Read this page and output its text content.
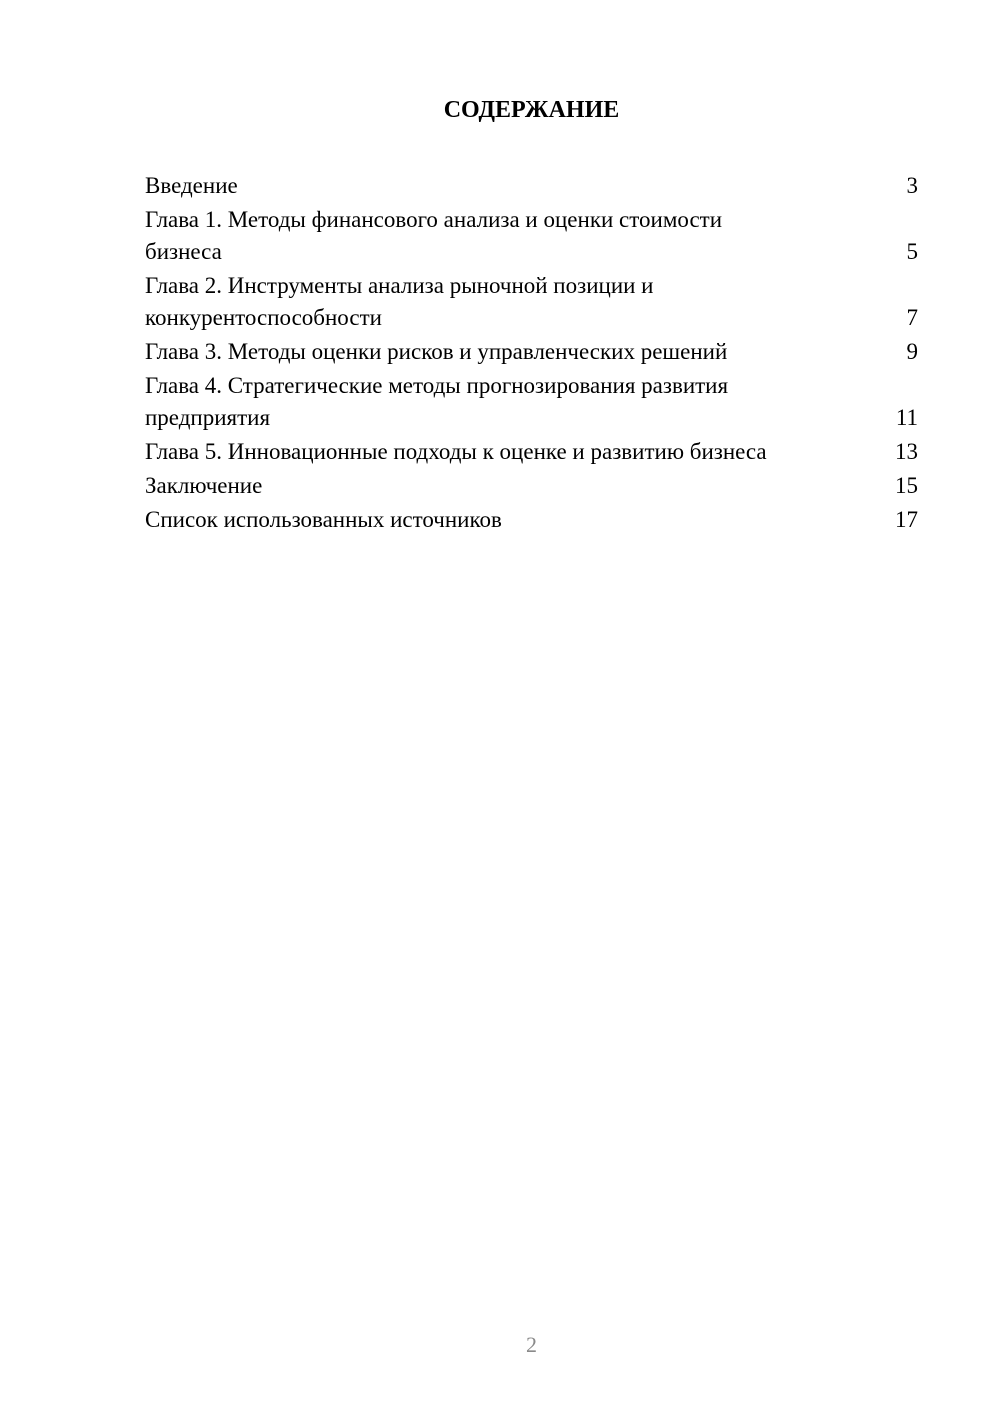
СОДЕРЖАНИЕ
Введение	3
Глава 1. Методы финансового анализа и оценки стоимости
бизнеса	5
Глава 2. Инструменты анализа рыночной позиции и
конкурентоспособности	7
Глава 3. Методы оценки рисков и управленческих решений	9
Глава 4. Стратегические методы прогнозирования развития
предприятия	11
Глава 5. Инновационные подходы к оценке и развитию бизнеса	13
Заключение	15
Список использованных источников	17
2
